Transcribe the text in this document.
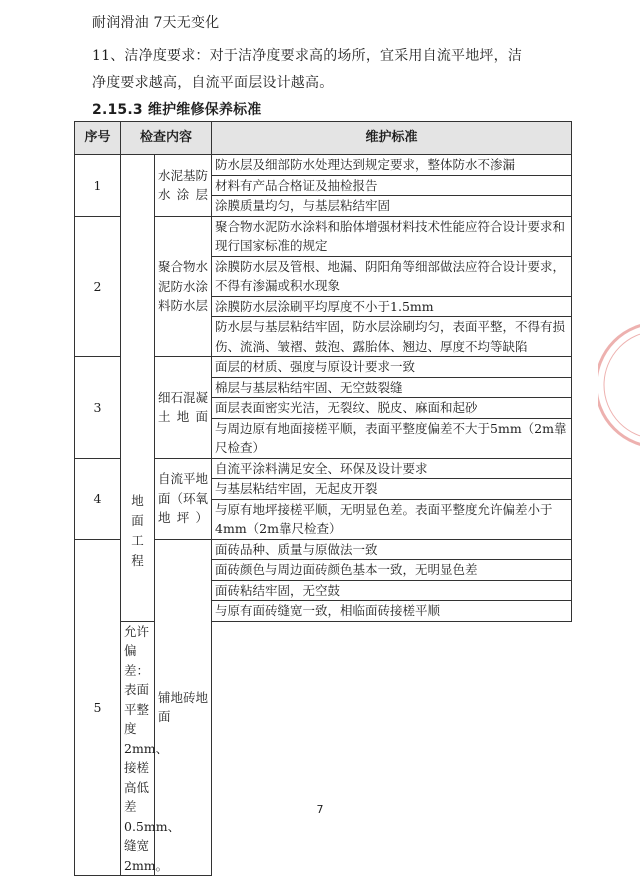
耐润滑油 7天无变化
11、洁净度要求：对于洁净度要求高的场所，宜采用自流平地坪，洁
净度要求越高，自流平面层设计越高。
2.15.3 维护维修保养标准
序号	检查内容		维护标准
1	地面工程	水泥基防水涂层	防水层及细部防水处理达到规定要求，整体防水不渗漏
			材料有产品合格证及抽检报告
			涂膜质量均匀，与基层粘结牢固
2		聚合物水泥防水涂料防水层	聚合物水泥防水涂料和胎体增强材料技术性能应符合设计要求和现行国家标准的规定
			涂膜防水层及管根、地漏、阴阳角等细部做法应符合设计要求，不得有渗漏或积水现象
			涂膜防水层涂刷平均厚度不小于1.5mm
			防水层与基层粘结牢固，防水层涂刷均匀，表面平整，不得有损伤、流淌、皱褶、鼓泡、露胎体、翘边、厚度不均等缺陷
3		细石混凝土地面	面层的材质、强度与原设计要求一致
			棉层与基层粘结牢固、无空鼓裂缝
			面层表面密实光洁，无裂纹、脱皮、麻面和起砂
			与周边原有地面接槎平顺，表面平整度偏差不大于5mm（2m靠尺检查）
4		自流平地面（环氧地坪）	自流平涂料满足安全、环保及设计要求
			与基层粘结牢固，无起皮开裂
			与原有地坪接槎平顺，无明显色差。表面平整度允许偏差小于4mm（2m靠尺检查）
5		铺地砖地面	面砖品种、质量与原做法一致
			面砖颜色与周边面砖颜色基本一致，无明显色差
			面砖粘结牢固，无空鼓
			与原有面砖缝宽一致，相临面砖接槎平顺
	允许偏差：表面平整度2mm、接槎高低差0.5mm、缝宽2mm。		
7
